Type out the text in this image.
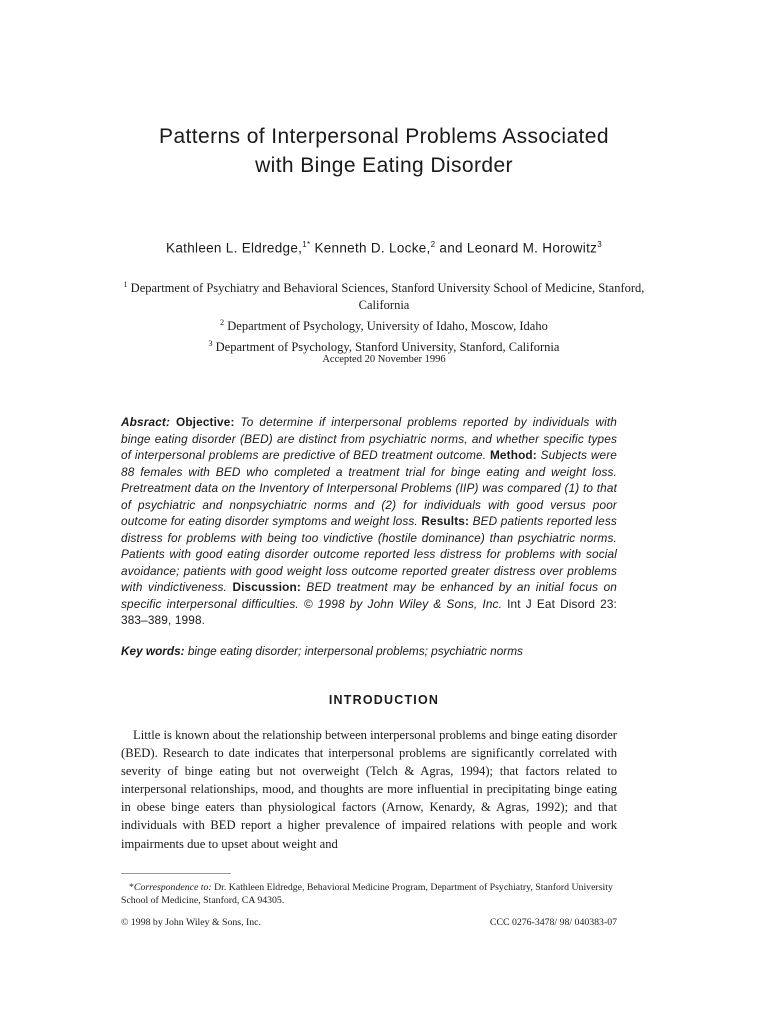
Patterns of Interpersonal Problems Associated
with Binge Eating Disorder
Kathleen L. Eldredge,$^{1*}$ Kenneth D. Locke,$^2$ and Leonard M. Horowitz$^3$
$^1$ Department of Psychiatry and Behavioral Sciences, Stanford University School of Medicine, Stanford, California
$^2$ Department of Psychology, University of Idaho, Moscow, Idaho
$^3$ Department of Psychology, Stanford University, Stanford, California
Accepted 20 November 1996
Absract: Objective: To determine if interpersonal problems reported by individuals with binge eating disorder (BED) are distinct from psychiatric norms, and whether specific types of interpersonal problems are predictive of BED treatment outcome. Method: Subjects were 88 females with BED who completed a treatment trial for binge eating and weight loss. Pretreatment data on the Inventory of Interpersonal Problems (IIP) was compared (1) to that of psychiatric and nonpsychiatric norms and (2) for individuals with good versus poor outcome for eating disorder symptoms and weight loss. Results: BED patients reported less distress for problems with being too vindictive (hostile dominance) than psychiatric norms. Patients with good eating disorder outcome reported less distress for problems with social avoidance; patients with good weight loss outcome reported greater distress over problems with vindictiveness. Discussion: BED treatment may be enhanced by an initial focus on specific interpersonal difficulties. © 1998 by John Wiley & Sons, Inc. Int J Eat Disord 23: 383–389, 1998.
Key words: binge eating disorder; interpersonal problems; psychiatric norms
INTRODUCTION

Little is known about the relationship between interpersonal problems and binge eating disorder (BED). Research to date indicates that interpersonal problems are significantly correlated with severity of binge eating but not overweight (Telch & Agras, 1994); that factors related to interpersonal relationships, mood, and thoughts are more influential in precipitating binge eating in obese binge eaters than physiological factors (Arnow, Kenardy, & Agras, 1992); and that individuals with BED report a higher prevalence of impaired relations with people and work impairments due to upset about weight and

*Correspondence to: Dr. Kathleen Eldredge, Behavioral Medicine Program, Department of Psychiatry, Stanford University School of Medicine, Stanford, CA 94305.
© 1998 by John Wiley & Sons, Inc.	CCC 0276-3478/ 98/ 040383-07
